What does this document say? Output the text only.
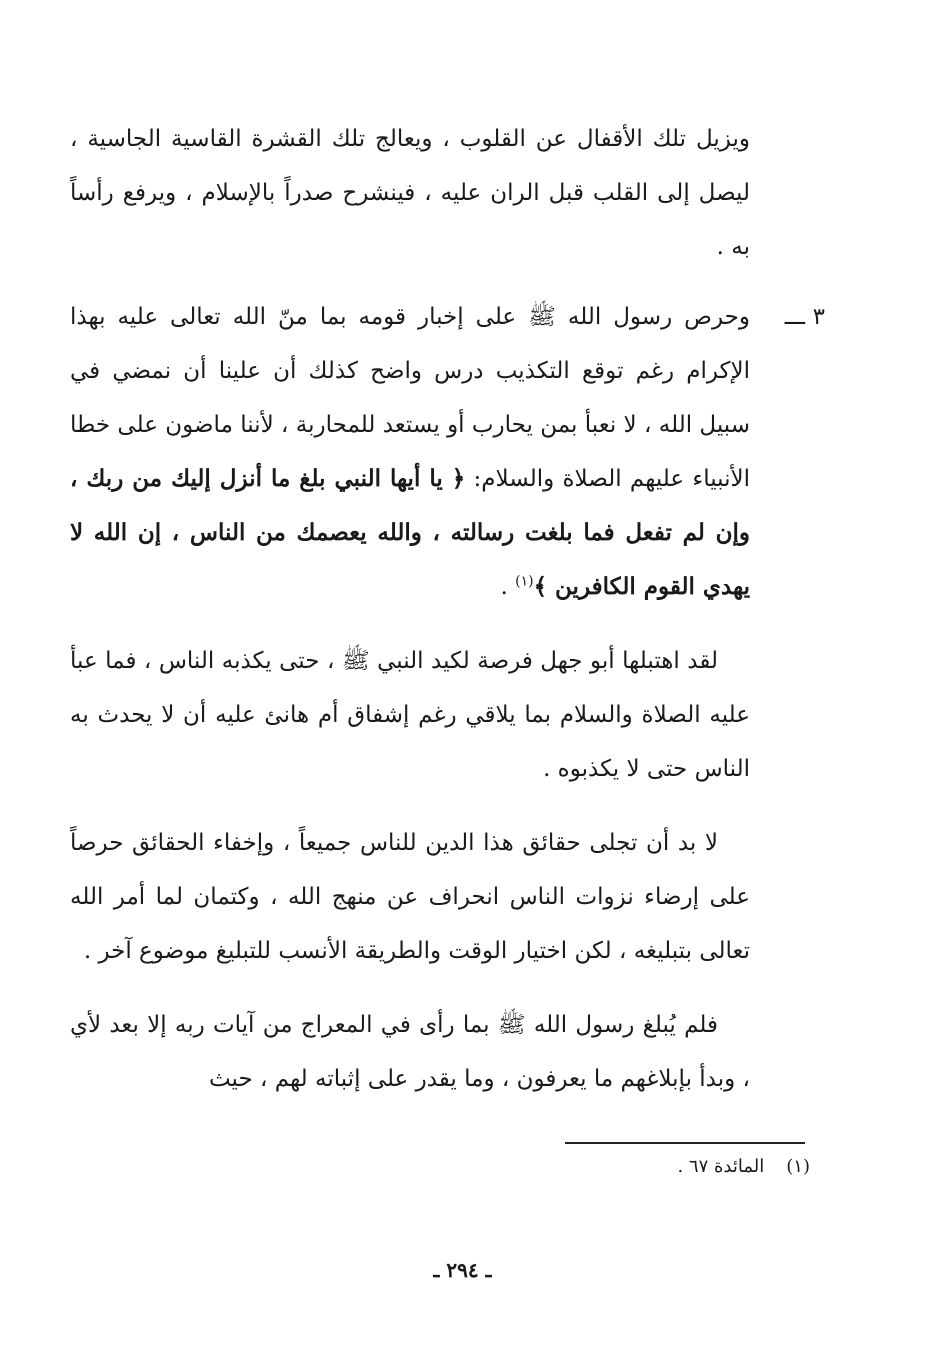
ويزيل تلك الأقفال عن القلوب ، ويعالج تلك القشرة القاسية الجاسية ، ليصل إلى القلب قبل الران عليه ، فينشرح صدراً بالإسلام ، ويرفع رأساً به .

٣
ـــ

وحرص رسول الله ﷺ على إخبار قومه بما منّ الله تعالى عليه بهذا الإكرام رغم توقع التكذيب درس واضح كذلك أن علينا أن نمضي في سبيل الله ، لا نعبأ بمن يحارب أو يستعد للمحاربة ، لأننا ماضون على خطا الأنبياء عليهم الصلاة والسلام: ﴿ يا أيها النبي بلغ ما أنزل إليك من ربك ، وإن لم تفعل فما بلغت رسالته ، والله يعصمك من الناس ، إن الله لا يهدي القوم الكافرين ﴾$^{(١)}$ .

لقد اهتبلها أبو جهل فرصة لكيد النبي ﷺ ، حتى يكذبه الناس ، فما عبأ عليه الصلاة والسلام بما يلاقي رغم إشفاق أم هانئ عليه أن لا يحدث به الناس حتى لا يكذبوه .

لا بد أن تجلى حقائق هذا الدين للناس جميعاً ، وإخفاء الحقائق حرصاً على إرضاء نزوات الناس انحراف عن منهج الله ، وكتمان لما أمر الله تعالى بتبليغه ، لكن اختيار الوقت والطريقة الأنسب للتبليغ موضوع آخر .

فلم يُبلغ رسول الله ﷺ بما رأى في المعراج من آيات ربه إلا بعد لأي ، وبدأ بإبلاغهم ما يعرفون ، وما يقدر على إثباته لهم ، حيث

(١)المائدة ٦٧ .
ـ ٢٩٤ ـ
